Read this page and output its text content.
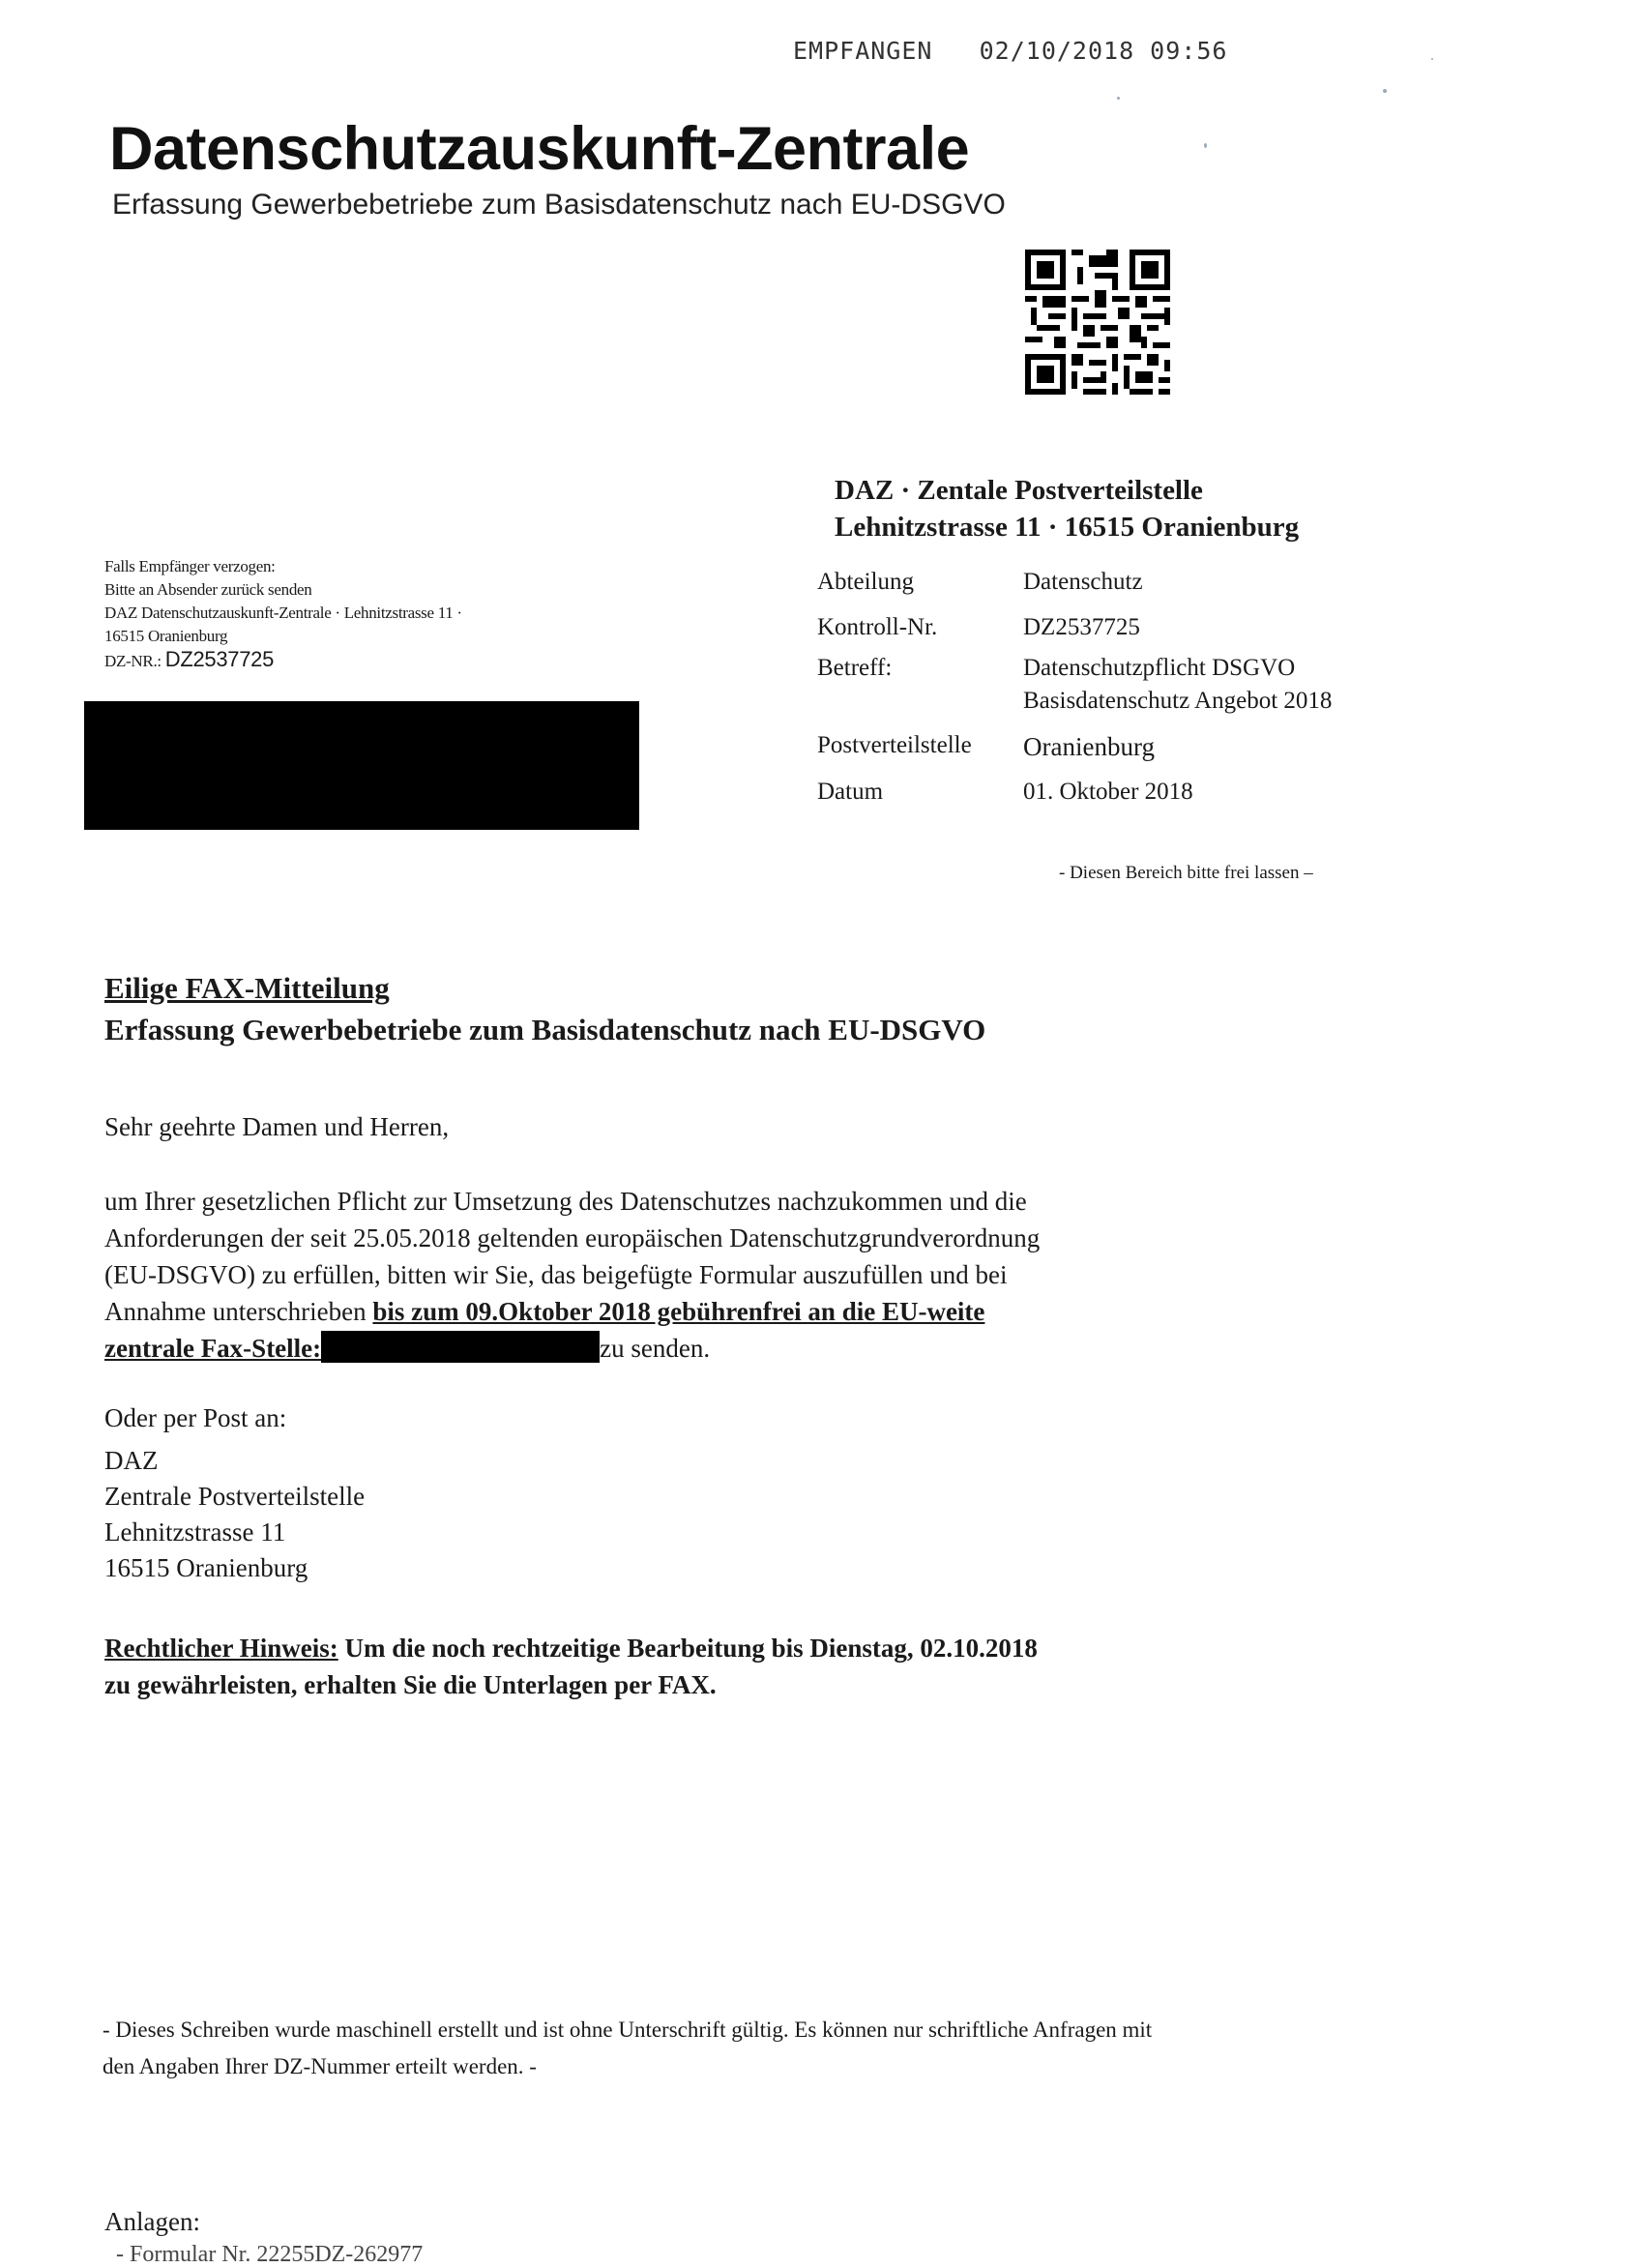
EMPFANGEN   02/10/2018 09:56
Datenschutzauskunft-Zentrale
Erfassung Gewerbebetriebe zum Basisdatenschutz nach EU-DSGVO
DAZ · Zentale Postverteilstelle
Lehnitzstrasse 11 · 16515 Oranienburg
Abteilung	Datenschutz
Kontroll-Nr.	DZ2537725
Betreff:	Datenschutzpflicht DSGVO
Basisdatenschutz Angebot 2018
Postverteilstelle Oranienburg
Datum	01. Oktober 2018
Falls Empfänger verzogen:
Bitte an Absender zurück senden
DAZ Datenschutzauskunft-Zentrale · Lehnitzstrasse 11 ·
16515 Oranienburg
DZ-NR.: DZ2537725
- Diesen Bereich bitte frei lassen –
Eilige FAX-Mitteilung
Erfassung Gewerbebetriebe zum Basisdatenschutz nach EU-DSGVO
Sehr geehrte Damen und Herren,
um Ihrer gesetzlichen Pflicht zur Umsetzung des Datenschutzes nachzukommen und die
Anforderungen der seit 25.05.2018 geltenden europäischen Datenschutzgrundverordnung
(EU-DSGVO) zu erfüllen, bitten wir Sie, das beigefügte Formular auszufüllen und bei
Annahme unterschrieben bis zum 09.Oktober 2018 gebührenfrei an die EU-weite
zentrale Fax-Stelle:	zu senden.
Oder per Post an:
DAZ
Zentrale Postverteilstelle
Lehnitzstrasse 11
16515 Oranienburg
Rechtlicher Hinweis: Um die noch rechtzeitige Bearbeitung bis Dienstag, 02.10.2018
zu gewährleisten, erhalten Sie die Unterlagen per FAX.
- Dieses Schreiben wurde maschinell erstellt und ist ohne Unterschrift gültig. Es können nur schriftliche Anfragen mit
den Angaben Ihrer DZ-Nummer erteilt werden. -
Anlagen:
- Formular Nr. 22255DZ-262977
